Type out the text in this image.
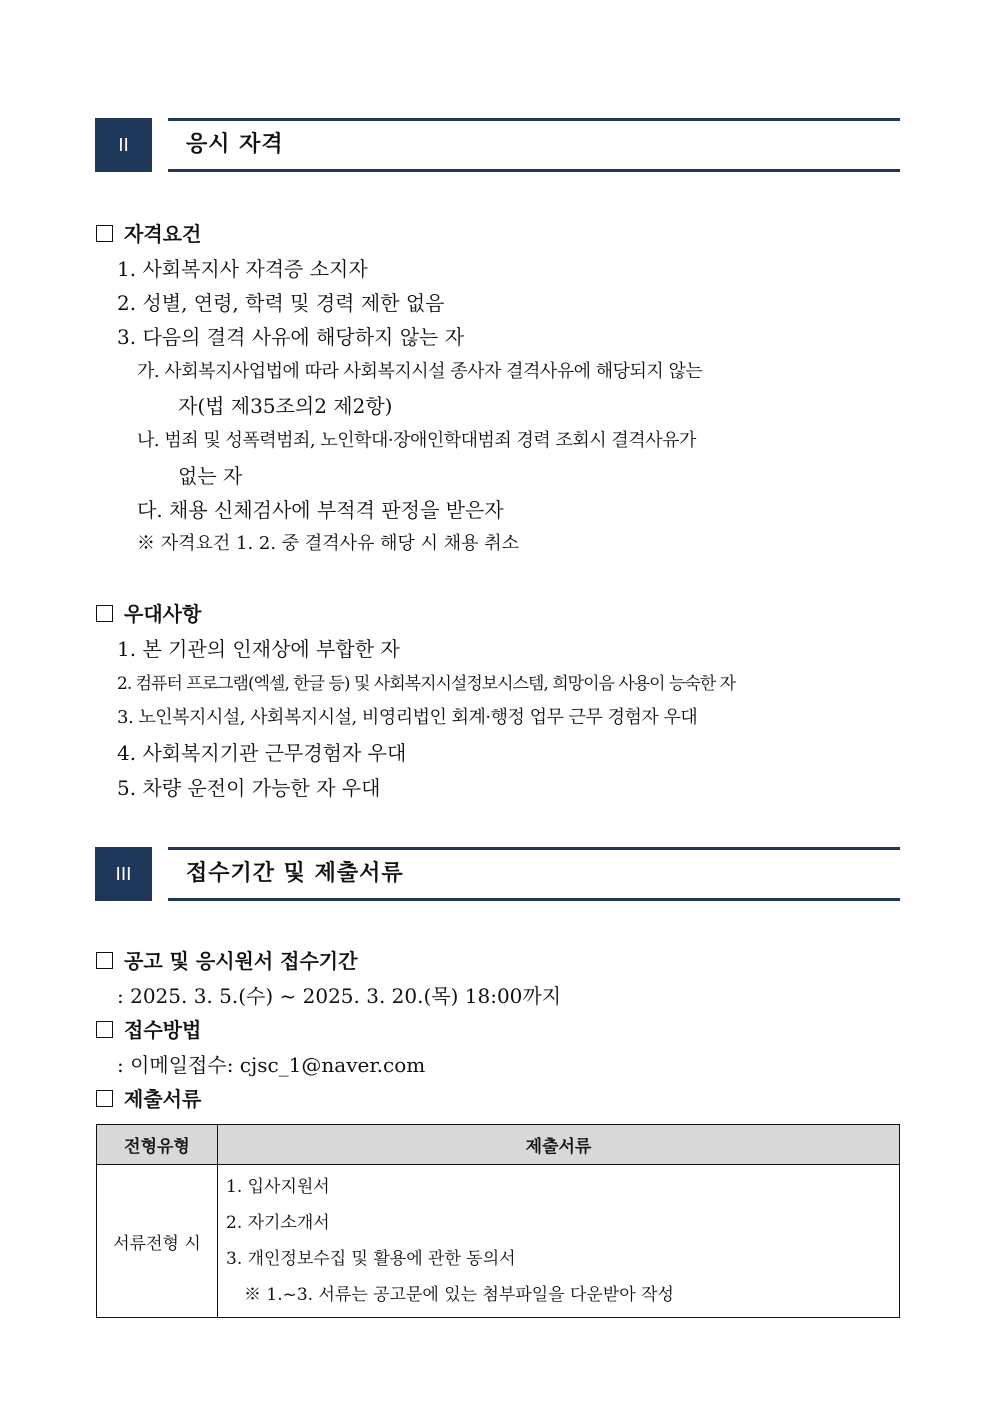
II	응시 자격
자격요건
1. 사회복지사 자격증 소지자
2. 성별, 연령, 학력 및 경력 제한 없음
3. 다음의 결격 사유에 해당하지 않는 자
가. 사회복지사업법에 따라 사회복지시설 종사자 결격사유에 해당되지 않는
자(법 제35조의2 제2항)
나. 범죄 및 성폭력범죄, 노인학대·장애인학대범죄 경력 조회시 결격사유가
없는 자
다. 채용 신체검사에 부적격 판정을 받은자
※ 자격요건 1. 2. 중 결격사유 해당 시 채용 취소
우대사항
1. 본 기관의 인재상에 부합한 자
2. 컴퓨터 프로그램(엑셀, 한글 등) 및 사회복지시설정보시스템, 희망이음 사용이 능숙한 자
3. 노인복지시설, 사회복지시설, 비영리법인 회계·행정 업무 근무 경험자 우대
4. 사회복지기관 근무경험자 우대
5. 차량 운전이 가능한 자 우대
III	접수기간 및 제출서류
공고 및 응시원서 접수기간
: 2025. 3. 5.(수) ~ 2025. 3. 20.(목) 18:00까지
접수방법
: 이메일접수: cjsc_1@naver.com
제출서류
전형유형	제출서류
서류전형 시	1. 입사지원서
2. 자기소개서
3. 개인정보수집 및 활용에 관한 동의서
※ 1.~3. 서류는 공고문에 있는 첨부파일을 다운받아 작성
